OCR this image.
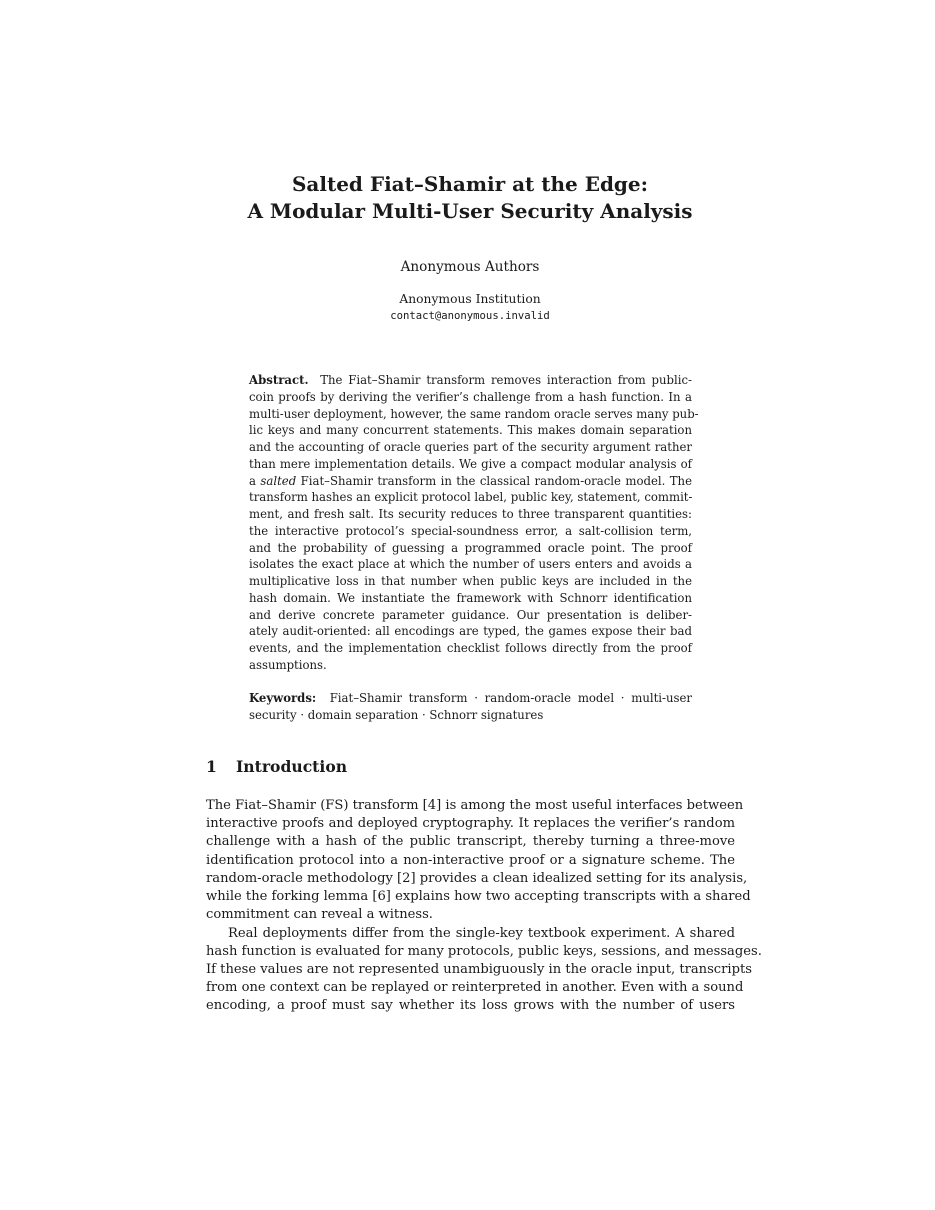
Salted Fiat–Shamir at the Edge:
A Modular Multi-User Security Analysis
Anonymous Authors
Anonymous Institution
contact@anonymous.invalid
Abstract. The Fiat–Shamir transform removes interaction from public-
coin proofs by deriving the verifier’s challenge from a hash function. In a
multi-user deployment, however, the same random oracle serves many pub-
lic keys and many concurrent statements. This makes domain separation
and the accounting of oracle queries part of the security argument rather
than mere implementation details. We give a compact modular analysis of
a salted Fiat–Shamir transform in the classical random-oracle model. The
transform hashes an explicit protocol label, public key, statement, commit-
ment, and fresh salt. Its security reduces to three transparent quantities:
the interactive protocol’s special-soundness error, a salt-collision term,
and the probability of guessing a programmed oracle point. The proof
isolates the exact place at which the number of users enters and avoids a
multiplicative loss in that number when public keys are included in the
hash domain. We instantiate the framework with Schnorr identification
and derive concrete parameter guidance. Our presentation is deliber-
ately audit-oriented: all encodings are typed, the games expose their bad
events, and the implementation checklist follows directly from the proof
assumptions.
Keywords: Fiat–Shamir transform · random-oracle model · multi-user
security · domain separation · Schnorr signatures
1 Introduction
The Fiat–Shamir (FS) transform [4] is among the most useful interfaces between
interactive proofs and deployed cryptography. It replaces the verifier’s random
challenge with a hash of the public transcript, thereby turning a three-move
identification protocol into a non-interactive proof or a signature scheme. The
random-oracle methodology [2] provides a clean idealized setting for its analysis,
while the forking lemma [6] explains how two accepting transcripts with a shared
commitment can reveal a witness.
Real deployments differ from the single-key textbook experiment. A shared
hash function is evaluated for many protocols, public keys, sessions, and messages.
If these values are not represented unambiguously in the oracle input, transcripts
from one context can be replayed or reinterpreted in another. Even with a sound
encoding, a proof must say whether its loss grows with the number of users
